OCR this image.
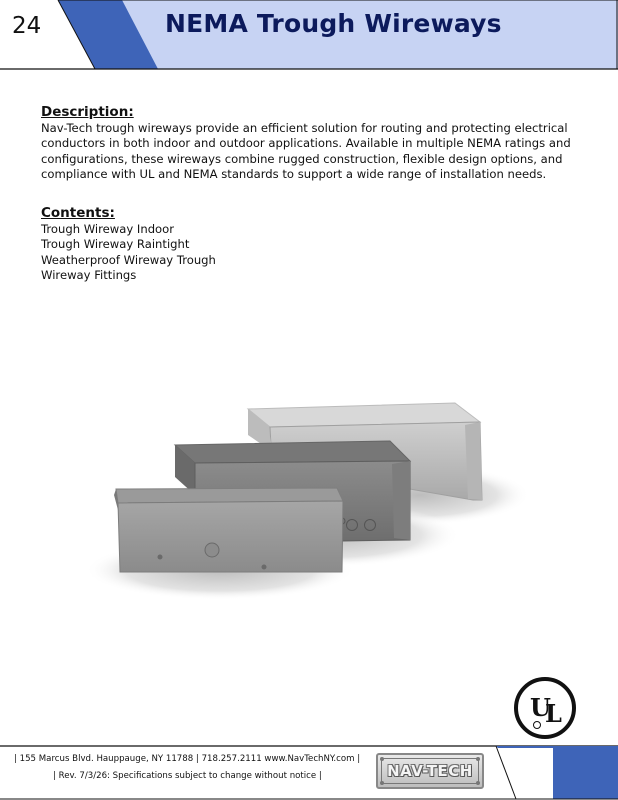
24	NEMA Trough Wireways
Description:

Nav-Tech trough wireways provide an efficient solution for routing and protecting electrical conductors in both indoor and outdoor applications. Available in multiple NEMA ratings and configurations, these wireways combine rugged construction, flexible design options, and compliance with UL and NEMA standards to support a wide range of installation needs.

Contents:
Trough Wireway Indoor
Trough Wireway Raintight
Weatherproof Wireway Trough
Wireway Fittings
U
L
| 155 Marcus Blvd. Hauppauge, NY 11788 | 718.257.2111 www.NavTechNY.com |
| Rev. 7/3/26: Specifications subject to change without notice |	NAV-TECH
